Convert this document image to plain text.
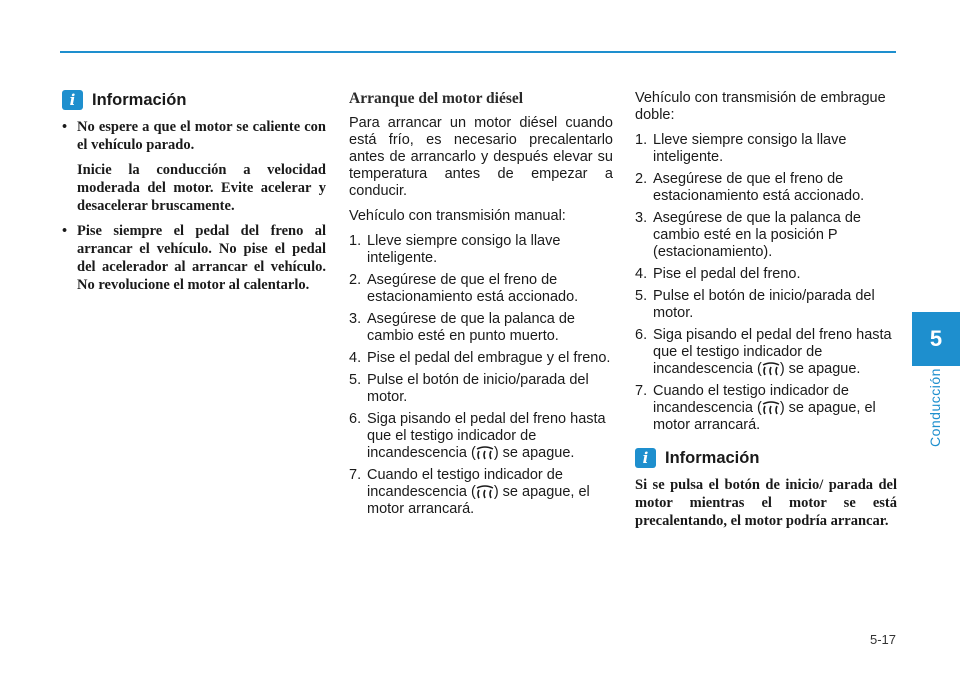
5
Conducción
i	Información

• No espere a que el motor se caliente con el vehículo parado.

Inicie la conducción a velocidad moderada del motor. Evite acelerar y desacelerar bruscamente.

• Pise siempre el pedal del freno al arrancar el vehículo. No pise el pedal del acelerador al arrancar el vehículo. No revolucione el motor al calentarlo.

Arranque del motor diésel

Para arrancar un motor diésel cuando está frío, es necesario precalentarlo antes de arrancarlo y después elevar su temperatura antes de empezar a conducir.

Vehículo con transmisión manual:

1. Lleve siempre consigo la llave inteligente.
2. Asegúrese de que el freno de estacionamiento está accionado.
3. Asegúrese de que la palanca de cambio esté en punto muerto.
4. Pise el pedal del embrague y el freno.
5. Pulse el botón de inicio/parada del motor.
6. Siga pisando el pedal del freno hasta que el testigo indicador de incandescencia ( ) se apague.
7. Cuando el testigo indicador de incandescencia ( ) se apague, el motor arrancará.

Vehículo con transmisión de embrague doble:

1. Lleve siempre consigo la llave inteligente.
2. Asegúrese de que el freno de estacionamiento está accionado.
3. Asegúrese de que la palanca de cambio esté en la posición P (estacionamiento).
4. Pise el pedal del freno.
5. Pulse el botón de inicio/parada del motor.
6. Siga pisando el pedal del freno hasta que el testigo indicador de incandescencia ( ) se apague.
7. Cuando el testigo indicador de incandescencia ( ) se apague, el motor arrancará.
i	Información
Si se pulsa el botón de inicio/ parada del motor mientras el motor se está precalentando, el motor podría arrancar.
5-17
